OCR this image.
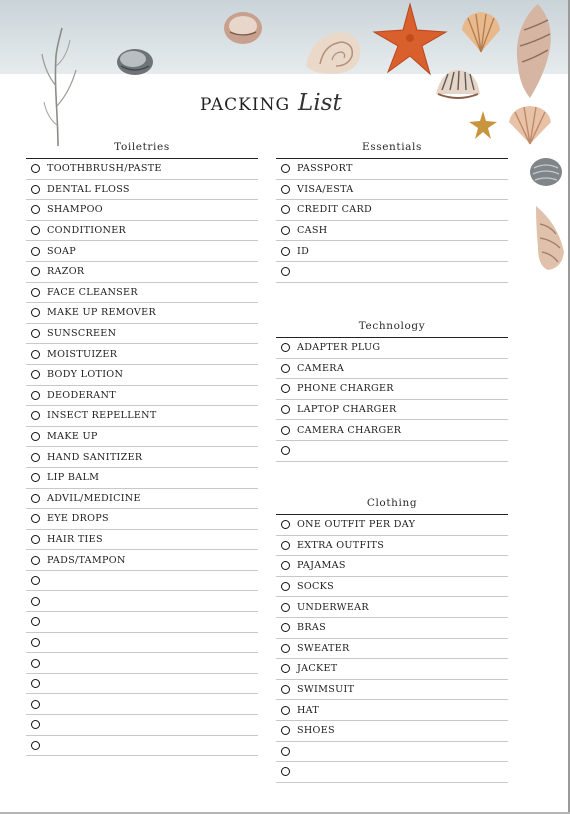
PACKING List
Toiletries
TOOTHBRUSH/PASTE
DENTAL FLOSS
SHAMPOO
CONDITIONER
SOAP
RAZOR
FACE CLEANSER
MAKE UP REMOVER
SUNSCREEN
MOISTUIZER
BODY LOTION
DEODERANT
INSECT REPELLENT
MAKE UP
HAND SANITIZER
LIP BALM
ADVIL/MEDICINE
EYE DROPS
HAIR TIES
PADS/TAMPON
Essentials
PASSPORT
VISA/ESTA
CREDIT CARD
CASH
ID
Technology
ADAPTER PLUG
CAMERA
PHONE CHARGER
LAPTOP CHARGER
CAMERA CHARGER
Clothing
ONE OUTFIT PER DAY
EXTRA OUTFITS
PAJAMAS
SOCKS
UNDERWEAR
BRAS
SWEATER
JACKET
SWIMSUIT
HAT
SHOES
